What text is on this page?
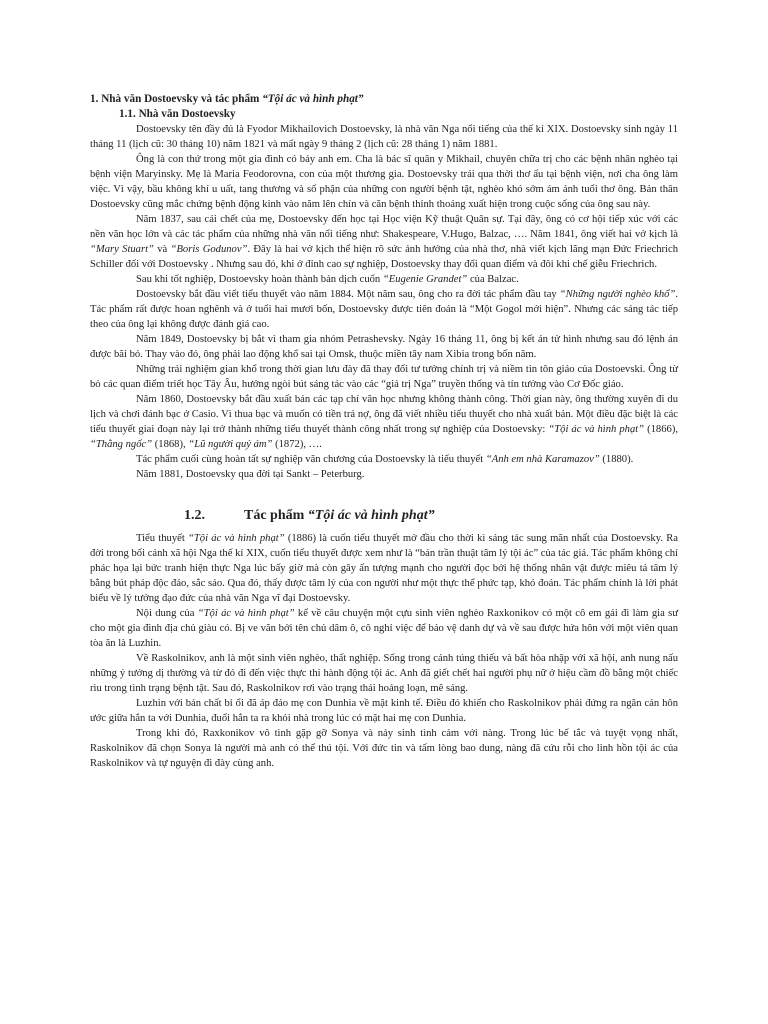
1. Nhà văn Dostoevsky và tác phẩm “Tội ác và hình phạt”
1.1. Nhà văn Dostoevsky

Dostoevsky tên đầy đủ là Fyodor Mikhailovich Dostoevsky, là nhà văn Nga nổi tiếng của thế kỉ XIX. Dostoevsky sinh ngày 11 tháng 11 (lịch cũ: 30 tháng 10) năm 1821 và mất ngày 9 tháng 2 (lịch cũ: 28 tháng 1) năm 1881.

Ông là con thứ trong một gia đình có bảy anh em. Cha là bác sĩ quân y Mikhail, chuyên chữa trị cho các bệnh nhân nghèo tại bệnh viện Maryinsky. Mẹ là Maria Feodorovna, con của một thương gia. Dostoevsky trải qua thời thơ ấu tại bệnh viện, nơi cha ông làm việc. Vì vậy, bầu không khí u uất, tang thương và số phận của những con người bệnh tật, nghèo khó sớm ám ảnh tuổi thơ ông. Bản thân Dostoevsky cũng mắc chứng bệnh động kinh vào năm lên chín và căn bệnh thỉnh thoảng xuất hiện trong cuộc sống của ông sau này.

Năm 1837, sau cái chết của mẹ, Dostoevsky đến học tại Học viện Kỹ thuật Quân sự. Tại đây, ông có cơ hội tiếp xúc với các nền văn học lớn và các tác phẩm của những nhà văn nổi tiếng như: Shakespeare, V.Hugo, Balzac, …. Năm 1841, ông viết hai vở kịch là “Mary Stuart” và “Boris Godunov”. Đây là hai vở kịch thể hiện rõ sức ảnh hưởng của nhà thơ, nhà viết kịch lãng mạn Đức Friechrich Schiller đối với Dostoevsky . Nhưng sau đó, khi ở đỉnh cao sự nghiệp, Dostoevsky thay đổi quan điểm và đôi khi chế giễu Friechrich.

Sau khi tốt nghiệp, Dostoevsky hoàn thành bản dịch cuốn “Eugenie Grandet” của Balzac.

Dostoevsky bắt đầu viết tiểu thuyết vào năm 1884. Một năm sau, ông cho ra đời tác phẩm đầu tay “Những người nghèo khổ”. Tác phẩm rất được hoan nghênh và ở tuổi hai mươi bốn, Dostoevsky được tiên đoán là “Một Gogol mới hiện”. Nhưng các sáng tác tiếp theo của ông lại không được đánh giá cao.

Năm 1849, Dostoevsky bị bắt vì tham gia nhóm Petrashevsky. Ngày 16 tháng 11, ông bị kết án tử hình nhưng sau đó lệnh án được bãi bỏ. Thay vào đó, ông phải lao động khổ sai tại Omsk, thuộc miền tây nam Xibia trong bốn năm.

Những trải nghiệm gian khổ trong thời gian lưu đày đã thay đổi tư tưởng chính trị và niềm tin tôn giáo của Dostoevski. Ông từ bỏ các quan điểm triết học Tây Âu, hướng ngòi bút sáng tác vào các “giá trị Nga” truyền thống và tín tưởng vào Cơ Đốc giáo.

Năm 1860, Dostoevsky bắt đầu xuất bản các tạp chí văn học nhưng không thành công. Thời gian này, ông thường xuyên đi du lịch và chơi đánh bạc ở Casio. Vì thua bạc và muốn có tiền trả nợ, ông đã viết nhiều tiểu thuyết cho nhà xuất bản. Một điều đặc biệt là các tiểu thuyết giai đoạn này lại trở thành những tiểu thuyết thành công nhất trong sự nghiệp của Dostoevsky: “Tội ác và hình phạt” (1866), “Thằng ngốc” (1868), “Lũ người quỷ ám” (1872), ….

Tác phẩm cuối cùng hoàn tất sự nghiệp văn chương của Dostoevsky là tiểu thuyết “Anh em nhà Karamazov” (1880).

Năm 1881, Dostoevsky qua đời tại Sankt – Peterburg.

1.2.	Tác phẩm “Tội ác và hình phạt”

Tiểu thuyết “Tội ác và hình phạt” (1886) là cuốn tiểu thuyết mở đầu cho thời kì sáng tác sung mãn nhất của Dostoevsky. Ra đời trong bối cảnh xã hội Nga thế kỉ XIX, cuốn tiểu thuyết được xem như là “bản trần thuật tâm lý tội ác” của tác giả. Tác phẩm không chỉ phác họa lại bức tranh hiện thực Nga lúc bấy giờ mà còn gây ấn tượng mạnh cho người đọc bởi hệ thống nhân vật được miêu tả tâm lý bằng bút pháp độc đáo, sắc sảo. Qua đó, thấy được tâm lý của con người như một thực thể phức tạp, khó đoán. Tác phẩm chính là lời phát biểu về lý tưởng đạo đức của nhà văn Nga vĩ đại Dostoevsky.

Nội dung của “Tội ác và hình phạt” kể về câu chuyện một cựu sinh viên nghèo Raxkonikov có một cô em gái đi làm gia sư cho một gia đình địa chủ giàu có. Bị ve vãn bởi tên chủ dâm ô, cô nghỉ việc để bảo vệ danh dự và về sau được hứa hôn với một viên quan tòa ăn là Luzhin.

Về Raskolnikov, anh là một sinh viên nghèo, thất nghiệp. Sống trong cảnh túng thiếu và bất hòa nhập với xã hội, anh nung nấu những ý tưởng dị thường và từ đó đi đến việc thực thi hành động tội ác. Anh đã giết chết hai người phụ nữ ở hiệu cầm đồ bằng một chiếc rìu trong tình trạng bệnh tật. Sau đó, Raskolnikov rơi vào trạng thái hoảng loạn, mê sảng.

Luzhin với bản chất bỉ ổi đã áp đảo mẹ con Dunhia về mặt kinh tế. Điều đó khiến cho Raskolnikov phải đứng ra ngăn cản hôn ước giữa hắn ta với Dunhia, đuổi hắn ta ra khỏi nhà trong lúc có mặt hai mẹ con Dunhia.

Trong khi đó, Raxkonikov vô tình gặp gỡ Sonya và nảy sinh tình cảm với nàng. Trong lúc bế tắc và tuyệt vọng nhất, Raskolnikov đã chọn Sonya là người mà anh có thể thú tội. Với đức tin và tấm lòng bao dung, nàng đã cứu rỗi cho linh hồn tội ác của Raskolnikov và tự nguyện đi đày cùng anh.
